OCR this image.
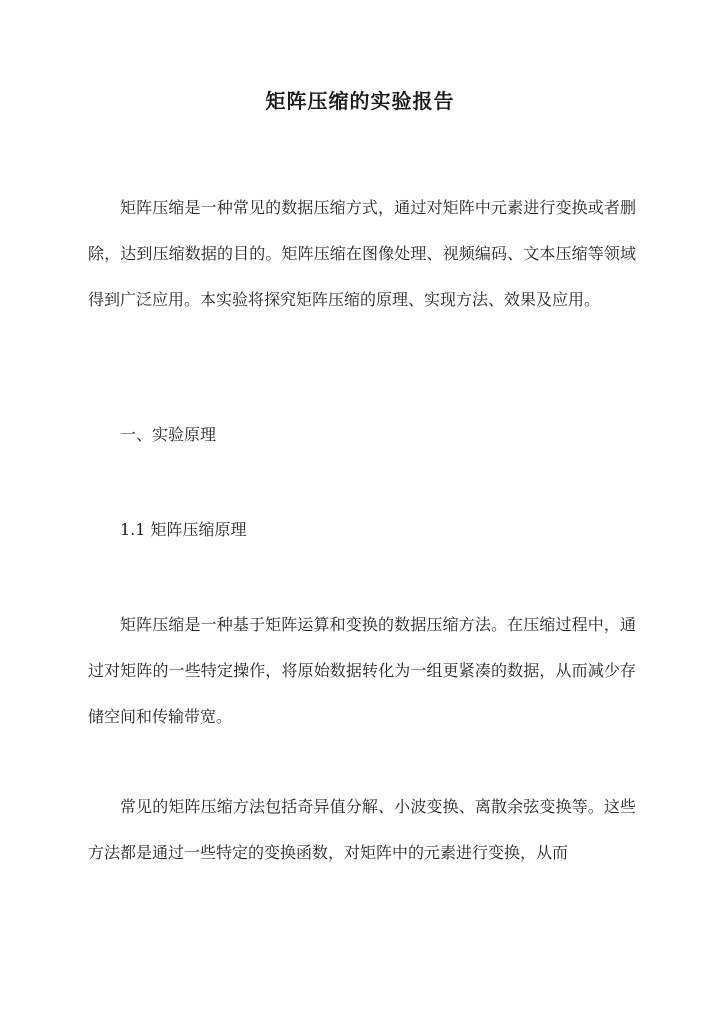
矩阵压缩的实验报告

矩阵压缩是一种常见的数据压缩方式，通过对矩阵中元素进行变换或者删除，达到压缩数据的目的。矩阵压缩在图像处理、视频编码、文本压缩等领域得到广泛应用。本实验将探究矩阵压缩的原理、实现方法、效果及应用。

一、实验原理

1.1 矩阵压缩原理

矩阵压缩是一种基于矩阵运算和变换的数据压缩方法。在压缩过程中，通过对矩阵的一些特定操作，将原始数据转化为一组更紧凑的数据，从而减少存储空间和传输带宽。

常见的矩阵压缩方法包括奇异值分解、小波变换、离散余弦变换等。这些方法都是通过一些特定的变换函数，对矩阵中的元素进行变换，从而
